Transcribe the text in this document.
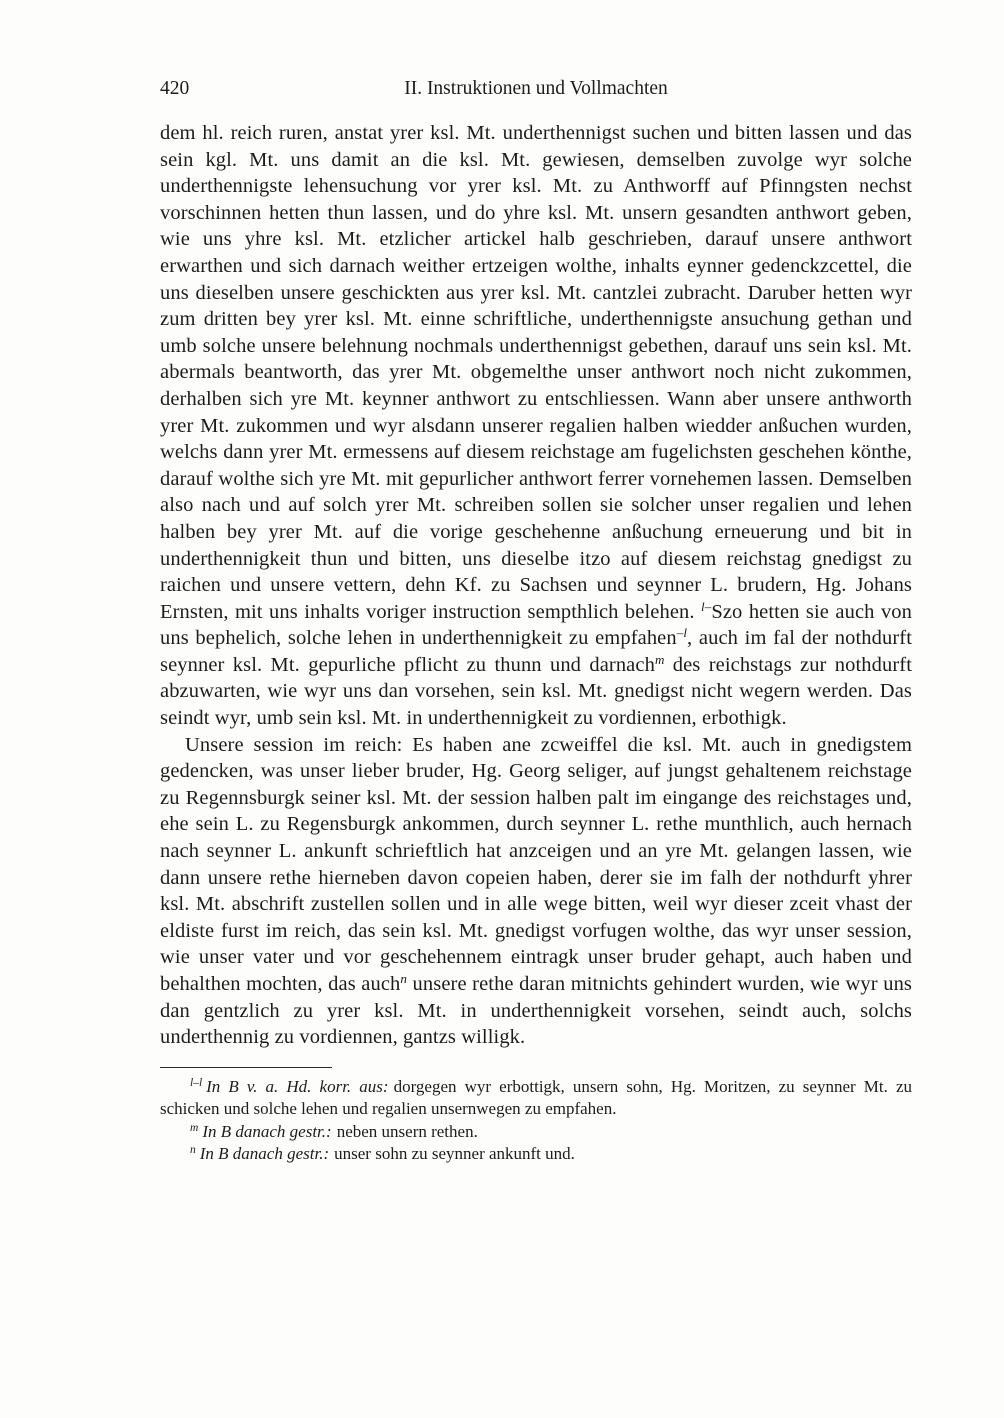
420	II. Instruktionen und Vollmachten

dem hl. reich ruren, anstat yrer ksl. Mt. underthennigst suchen und bitten lassen und das sein kgl. Mt. uns damit an die ksl. Mt. gewiesen, demselben zuvolge wyr solche underthennigste lehensuchung vor yrer ksl. Mt. zu Anthworff auf Pfinngsten nechst vorschinnen hetten thun lassen, und do yhre ksl. Mt. unsern gesandten anthwort geben, wie uns yhre ksl. Mt. etzlicher artickel halb geschrieben, darauf unsere anthwort erwarthen und sich darnach weither ertzeigen wolthe, inhalts eynner gedenckzcettel, die uns dieselben unsere geschickten aus yrer ksl. Mt. cantzlei zubracht. Daruber hetten wyr zum dritten bey yrer ksl. Mt. einne schriftliche, underthennigste ansuchung gethan und umb solche unsere belehnung nochmals underthennigst gebethen, darauf uns sein ksl. Mt. abermals beantworth, das yrer Mt. obgemelthe unser anthwort noch nicht zukommen, derhalben sich yre Mt. keynner anthwort zu entschliessen. Wann aber unsere anthworth yrer Mt. zukommen und wyr alsdann unserer regalien halben wiedder anßuchen wurden, welchs dann yrer Mt. ermessens auf diesem reichstage am fugelichsten geschehen könthe, darauf wolthe sich yre Mt. mit gepurlicher anthwort ferrer vornehemen lassen. Demselben also nach und auf solch yrer Mt. schreiben sollen sie solcher unser regalien und lehen halben bey yrer Mt. auf die vorige geschehenne anßuchung erneuerung und bit in underthennigkeit thun und bitten, uns dieselbe itzo auf diesem reichstag gnedigst zu raichen und unsere vettern, dehn Kf. zu Sachsen und seynner L. brudern, Hg. Johans Ernsten, mit uns inhalts voriger instruction sempthlich belehen. $^{l-}$Szo hetten sie auch von uns bephelich, solche lehen in underthennigkeit zu empfahen$^{-l}$, auch im fal der nothdurft seynner ksl. Mt. gepurliche pflicht zu thunn und darnach$^m$ des reichstags zur nothdurft abzuwarten, wie wyr uns dan vorsehen, sein ksl. Mt. gnedigst nicht wegern werden. Das seindt wyr, umb sein ksl. Mt. in underthennigkeit zu vordiennen, erbothigk.

Unsere session im reich: Es haben ane zcweiffel die ksl. Mt. auch in gnedigstem gedencken, was unser lieber bruder, Hg. Georg seliger, auf jungst gehaltenem reichstage zu Regennsburgk seiner ksl. Mt. der session halben palt im eingange des reichstages und, ehe sein L. zu Regensburgk ankommen, durch seynner L. rethe munthlich, auch hernach nach seynner L. ankunft schrieftlich hat anzceigen und an yre Mt. gelangen lassen, wie dann unsere rethe hierneben davon copeien haben, derer sie im falh der nothdurft yhrer ksl. Mt. abschrift zustellen sollen und in alle wege bitten, weil wyr dieser zceit vhast der eldiste furst im reich, das sein ksl. Mt. gnedigst vorfugen wolthe, das wyr unser session, wie unser vater und vor geschehennem eintragk unser bruder gehapt, auch haben und behalthen mochten, das auch$^n$ unsere rethe daran mitnichts gehindert wurden, wie wyr uns dan gentzlich zu yrer ksl. Mt. in underthennigkeit vorsehen, seindt auch, solchs underthennig zu vordiennen, gantzs willigk.

$^{l-l}$ In B v. a. Hd. korr. aus: dorgegen wyr erbottigk, unsern sohn, Hg. Moritzen, zu seynner Mt. zu schicken und solche lehen und regalien unsernwegen zu empfahen.

$^m$ In B danach gestr.: neben unsern rethen.

$^n$ In B danach gestr.: unser sohn zu seynner ankunft und.
